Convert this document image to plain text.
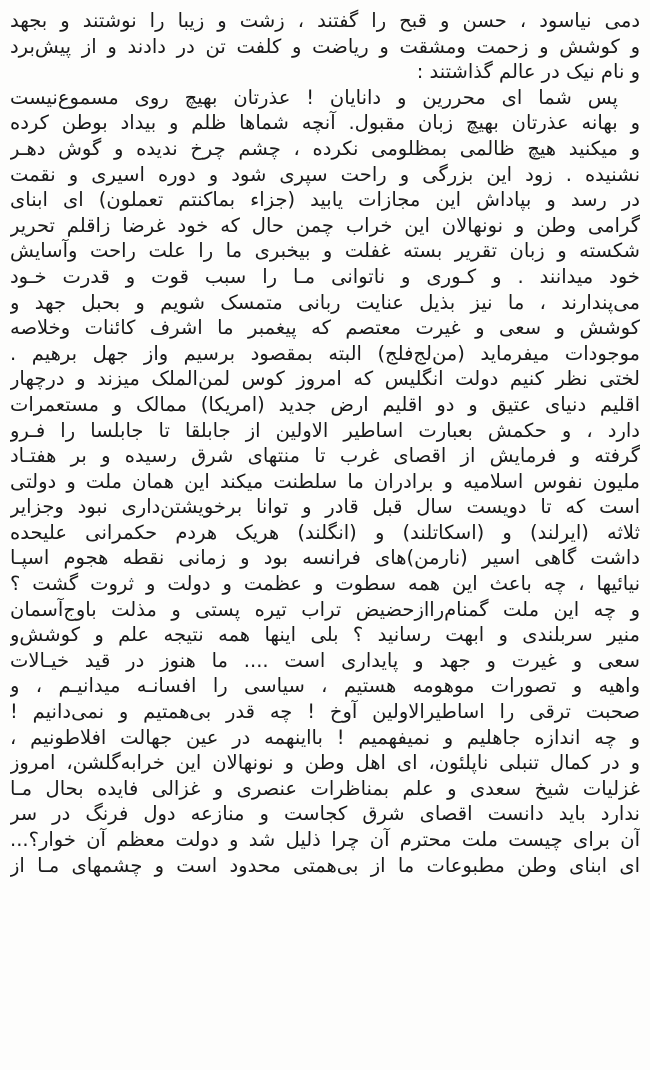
دمی نیاسود ، حسن و قبح را گفتند ، زشت و زیبا را نوشتند و بجهد
و کوشش و زحمت ومشقت و ریاضت و کلفت تن در دادند و از پیش‌برد
و نام نیک در عالم گذاشتند :
پس شما ای محررین و دانایان ! عذرتان بهیچ روی مسموع‌نیست
و بهانه عذرتان بهیچ زبان مقبول. آنچه شماها ظلم و بیداد بوطن کرده
و میکنید هیچ ظالمی بمظلومی نکرده ، چشم چرخ ندیده و گوش دهـر
نشنیده . زود این بزرگی و راحت سپری شود و دوره اسیری و نقمت
در رسد و بپاداش این مجازات یابید (جزاء بماکنتم تعملون) ای ابنای
گرامی وطن و نونهالان این خراب چمن حال که خود غرضا زاقلم تحریر
شکسته و زبان تقریر بسته غفلت و بیخبری ما را علت راحت وآسایش
خود میدانند . و کـوری و ناتوانی مـا را سبب قوت و قدرت خـود
می‌پندارند ، ما نیز بذیل عنایت ربانی متمسک شویم و بحبل جهد و
کوشش و سعی و غیرت معتصم که پیغمبر ما اشرف کائنات وخلاصه
موجودات میفرماید (من‌لج‌فلج) البته بمقصود برسیم واز جهل برهیم .
لختی نظر کنیم دولت انگلیس که امروز کوس لمن‌الملک میزند و درچهار
اقلیم دنیای عتیق و دو اقلیم ارض جدید (امریکا) ممالک و مستعمرات
دارد ، و حکمش بعبارت اساطیر الاولین از جابلقا تا جابلسا را فـرو
گرفته و فرمایش از اقصای غرب تا منتهای شرق رسیده و بر هفتـاد
ملیون نفوس اسلامیه و برادران ما سلطنت میکند این همان ملت و دولتی
است که تا دویست سال قبل قادر و توانا برخویشتن‌داری نبود وجزایر
ثلاثه (ایرلند) و (اسکاتلند) و (انگلند) هریک هردم حکمرانی علیحده
داشت گاهی اسیر (نارمن)های فرانسه بود و زمانی نقطه هجوم اسپـا
نیائیها ، چه باعث این همه سطوت و عظمت و دولت و ثروت گشت ؟
و چه این ملت گمنام‌رااز‌حضیض تراب تیره پستی و مذلت باوج‌آسمان
منیر سربلندی و ابهت رسانید ؟ بلی اینها همه نتیجه علم و کوشش‌و
سعی و غیرت و جهد و پایداری است .... ما هنوز در قید خیـالات
واهیه و تصورات موهومه هستیم ، سیاسی را افسانـه میدانیـم ، و
صحبت ترقی را اساطیرالاولین آوخ ! چه قدر بی‌همتیم و نمی‌دانیم !
و چه اندازه جاهلیم و نمیفهمیم ! بااینهمه در عین جهالت افلاطونیم ،
و در کمال تنبلی ناپلئون، ای اهل وطن و نونهالان این خرابه‌گلشن، امروز
غزلیات شیخ سعدی و علم بمناظرات عنصری و غزالی فایده بحال مـا
ندارد باید دانست اقصای شرق کجاست و منازعه دول فرنگ در سر
آن برای چیست ملت محترم آن چرا ذلیل شد و دولت معظم آن خوار؟...
ای ابنای وطن مطبوعات ما از بی‌همتی محدود است و چشمهای مـا از
